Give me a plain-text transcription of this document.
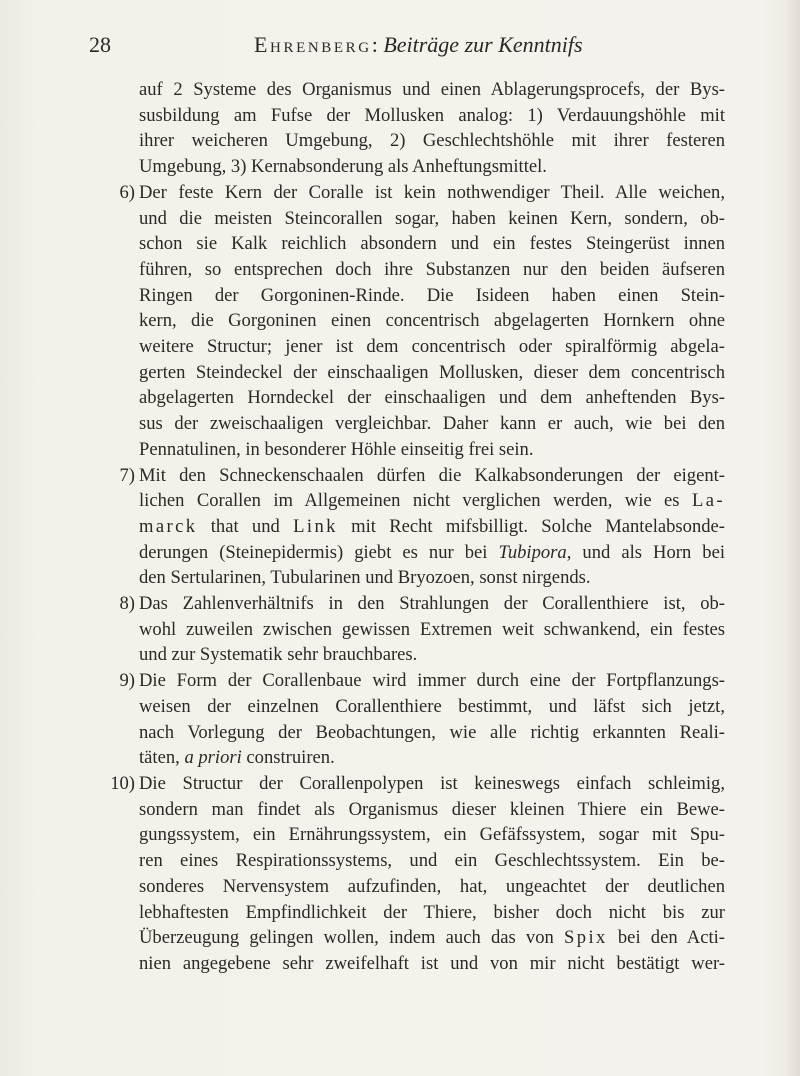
28	Ehrenberg: Beiträge zur Kenntnifs
auf 2 Systeme des Organismus und einen Ablagerungsprocefs, der Bys-
susbildung am Fufse der Mollusken analog: 1) Verdauungshöhle mit
ihrer weicheren Umgebung, 2) Geschlechtshöhle mit ihrer festeren
Umgebung, 3) Kernabsonderung als Anheftungsmittel.
6) Der feste Kern der Coralle ist kein nothwendiger Theil. Alle weichen,
und die meisten Steincorallen sogar, haben keinen Kern, sondern, ob-
schon sie Kalk reichlich absondern und ein festes Steingerüst innen
führen, so entsprechen doch ihre Substanzen nur den beiden äufseren
Ringen der Gorgoninen-Rinde. Die Isideen haben einen Stein-
kern, die Gorgoninen einen concentrisch abgelagerten Hornkern ohne
weitere Structur; jener ist dem concentrisch oder spiralförmig abgela-
gerten Steindeckel der einschaaligen Mollusken, dieser dem concentrisch
abgelagerten Horndeckel der einschaaligen und dem anheftenden Bys-
sus der zweischaaligen vergleichbar. Daher kann er auch, wie bei den
Pennatulinen, in besonderer Höhle einseitig frei sein.
7) Mit den Schneckenschaalen dürfen die Kalkabsonderungen der eigent-
lichen Corallen im Allgemeinen nicht verglichen werden, wie es La-
marck that und Link mit Recht mifsbilligt. Solche Mantelabsonde-
derungen (Steinepidermis) giebt es nur bei Tubipora, und als Horn bei
den Sertularinen, Tubularinen und Bryozoen, sonst nirgends.
8) Das Zahlenverhältnifs in den Strahlungen der Corallenthiere ist, ob-
wohl zuweilen zwischen gewissen Extremen weit schwankend, ein festes
und zur Systematik sehr brauchbares.
9) Die Form der Corallenbaue wird immer durch eine der Fortpflanzungs-
weisen der einzelnen Corallenthiere bestimmt, und läfst sich jetzt,
nach Vorlegung der Beobachtungen, wie alle richtig erkannten Reali-
täten, a priori construiren.
10) Die Structur der Corallenpolypen ist keineswegs einfach schleimig,
sondern man findet als Organismus dieser kleinen Thiere ein Bewe-
gungssystem, ein Ernährungssystem, ein Gefäfssystem, sogar mit Spu-
ren eines Respirationssystems, und ein Geschlechtssystem. Ein be-
sonderes Nervensystem aufzufinden, hat, ungeachtet der deutlichen
lebhaftesten Empfindlichkeit der Thiere, bisher doch nicht bis zur
Überzeugung gelingen wollen, indem auch das von Spix bei den Acti-
nien angegebene sehr zweifelhaft ist und von mir nicht bestätigt wer-
